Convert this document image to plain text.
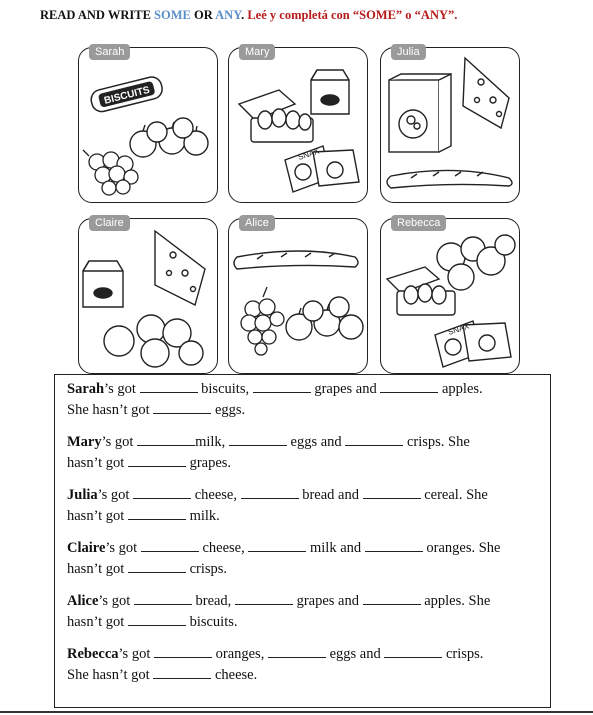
READ AND WRITE SOME OR ANY. Leé y completá con “SOME” o “ANY”.
Sarah
BISCUITS
Mary
SNAX
Julia
Claire	Alice	Rebecca
SNAX
Sarah’s got	biscuits,	grapes and	apples.
She hasn’t got	eggs.
Mary’s got	milk,	eggs and	crisps. She
hasn’t got	grapes.
Julia’s got	cheese,	bread and	cereal. She
hasn’t got	milk.
Claire’s got	cheese,	milk and	oranges. She
hasn’t got	crisps.
Alice’s got	bread,	grapes and	apples. She
hasn’t got	biscuits.
Rebecca’s got	oranges,	eggs and	crisps.
She hasn’t got	cheese.
